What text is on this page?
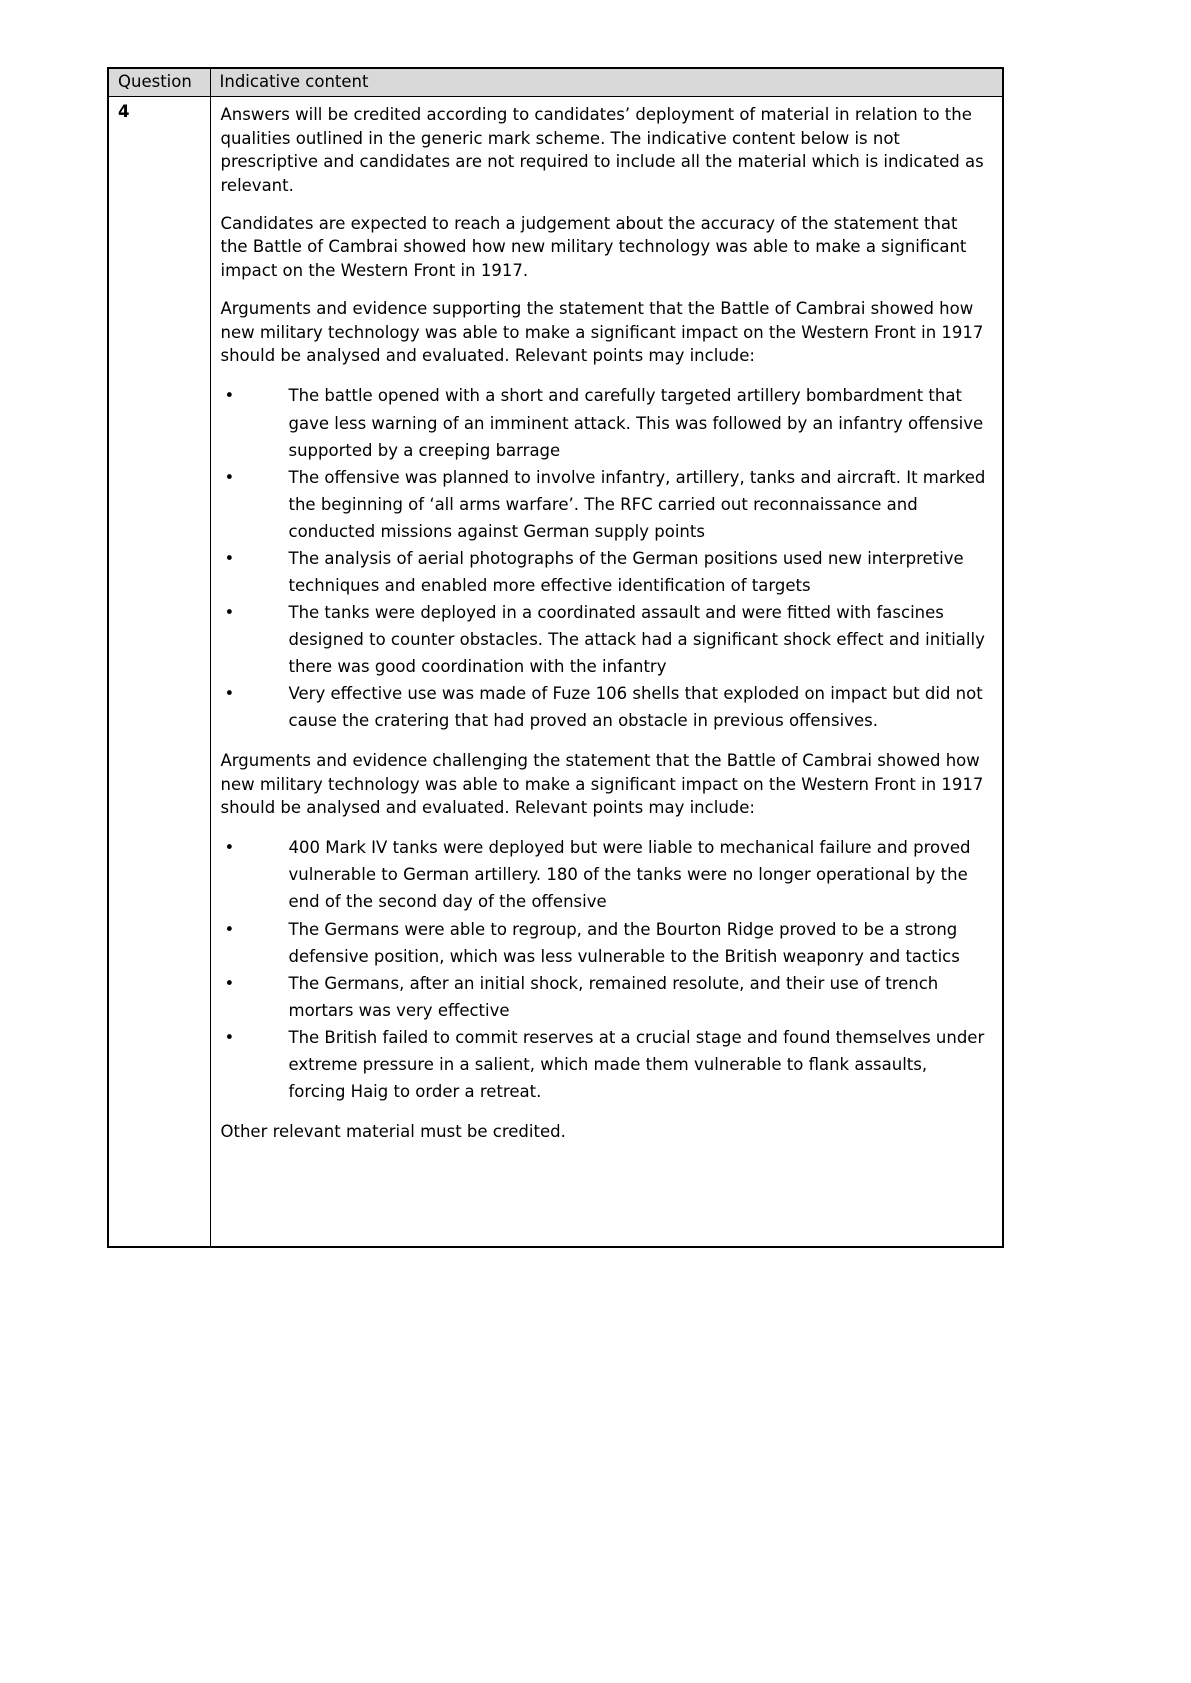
Question	Indicative content
4	Answers will be credited according to candidates’ deployment of material in relation to the qualities outlined in the generic mark scheme. The indicative content below is not prescriptive and candidates are not required to include all the material which is indicated as relevant.

Candidates are expected to reach a judgement about the accuracy of the statement that the Battle of Cambrai showed how new military technology was able to make a significant impact on the Western Front in 1917.

Arguments and evidence supporting the statement that the Battle of Cambrai showed how new military technology was able to make a significant impact on the Western Front in 1917 should be analysed and evaluated. Relevant points may include:

•	The battle opened with a short and carefully targeted artillery bombardment that gave less warning of an imminent attack. This was followed by an infantry offensive supported by a creeping barrage
•	The offensive was planned to involve infantry, artillery, tanks and aircraft. It marked the beginning of ‘all arms warfare’. The RFC carried out reconnaissance and conducted missions against German supply points
•	The analysis of aerial photographs of the German positions used new interpretive techniques and enabled more effective identification of targets
•	The tanks were deployed in a coordinated assault and were fitted with fascines designed to counter obstacles. The attack had a significant shock effect and initially there was good coordination with the infantry
•	Very effective use was made of Fuze 106 shells that exploded on impact but did not cause the cratering that had proved an obstacle in previous offensives.

Arguments and evidence challenging the statement that the Battle of Cambrai showed how new military technology was able to make a significant impact on the Western Front in 1917 should be analysed and evaluated. Relevant points may include:

•	400 Mark IV tanks were deployed but were liable to mechanical failure and proved vulnerable to German artillery. 180 of the tanks were no longer operational by the end of the second day of the offensive
•	The Germans were able to regroup, and the Bourton Ridge proved to be a strong defensive position, which was less vulnerable to the British weaponry and tactics
•	The Germans, after an initial shock, remained resolute, and their use of trench mortars was very effective
•	The British failed to commit reserves at a crucial stage and found themselves under extreme pressure in a salient, which made them vulnerable to flank assaults, forcing Haig to order a retreat.

Other relevant material must be credited.
